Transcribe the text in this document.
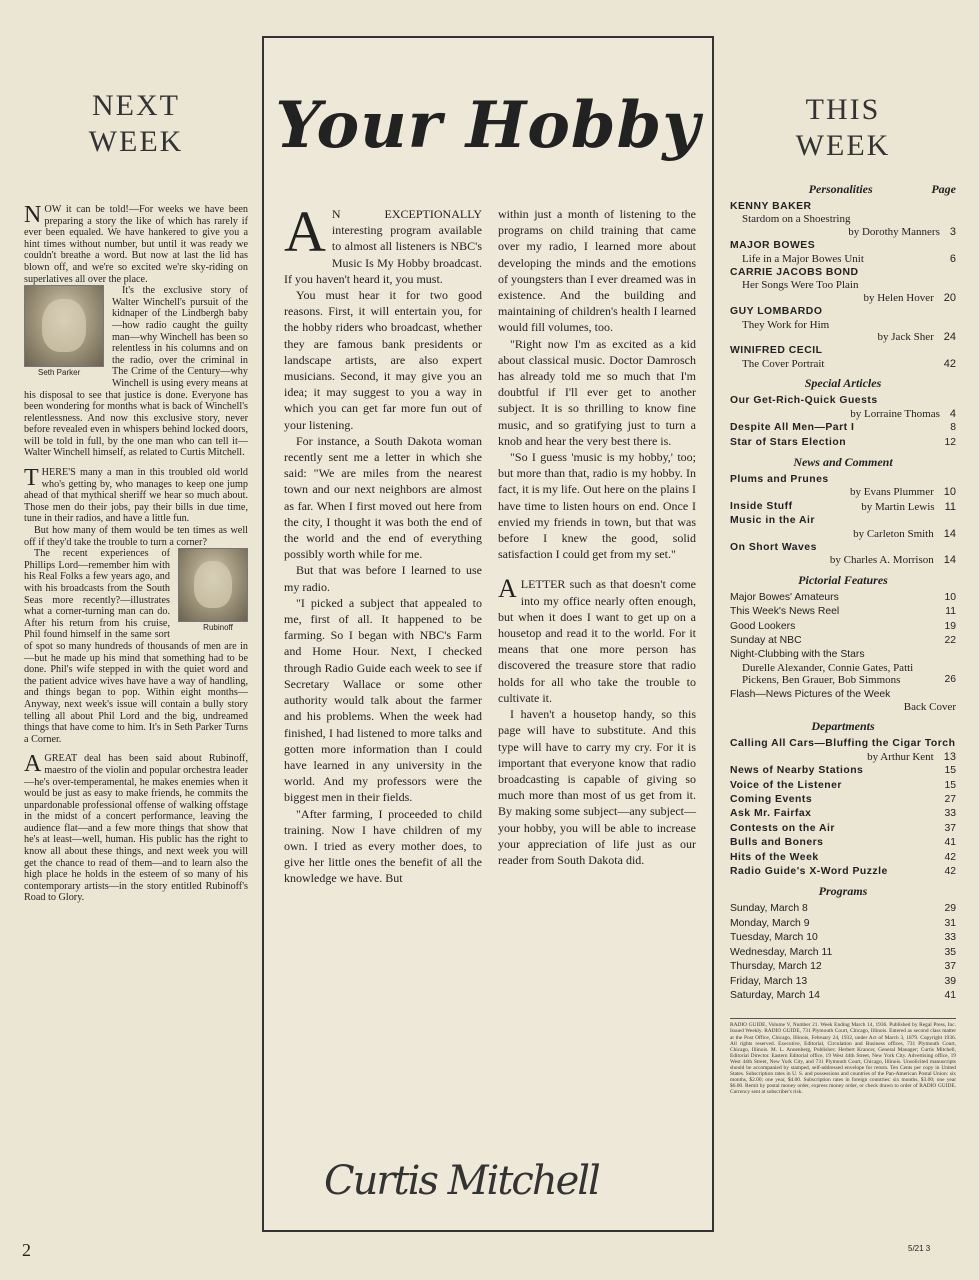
NEXT
WEEK

NOW it can be told!—For weeks we have been preparing a story the like of which has rarely if ever been equaled. We have hankered to give you a hint times without number, but until it was ready we couldn't breathe a word. But now at last the lid has blown off, and we're so excited we're sky-riding on superlatives all over the place.

Seth Parker
It's the exclusive story of Walter Winchell's pursuit of the kidnaper of the Lindbergh baby—how radio caught the guilty man—why Winchell has been so relentless in his columns and on the radio, over the criminal in The Crime of the Century—why Winchell is using every means at his disposal to see that justice is done. Everyone has been wondering for months what is back of Winchell's relentlessness. And now this exclusive story, never before revealed even in whispers behind locked doors, will be told in full, by the one man who can tell it—Walter Winchell himself, as related to Curtis Mitchell.

THERE'S many a man in this troubled old world who's getting by, who manages to keep one jump ahead of that mythical sheriff we hear so much about. Those men do their jobs, pay their bills in due time, tune in their radios, and have a little fun.

But how many of them would be ten times as well off if they'd take the trouble to turn a corner?

Rubinoff
The recent experiences of Phillips Lord—remember him with his Real Folks a few years ago, and with his broadcasts from the South Seas more recently?—illustrates what a corner-turning man can do. After his return from his cruise, Phil found himself in the same sort of spot so many hundreds of thousands of men are in—but he made up his mind that something had to be done. Phil's wife stepped in with the quiet word and the patient advice wives have have a way of handling, and things began to pop. Within eight months—Anyway, next week's issue will contain a bully story telling all about Phil Lord and the big, undreamed things that have come to him. It's in Seth Parker Turns a Corner.

A GREAT deal has been said about Rubinoff, maestro of the violin and popular orchestra leader—he's over-temperamental, he makes enemies when it would be just as easy to make friends, he commits the unpardonable professional offense of walking offstage in the midst of a concert performance, leaving the audience flat—and a few more things that show that he's at least—well, human. His public has the right to know all about these things, and next week you will get the chance to read of them—and to learn also the high place he holds in the esteem of so many of his contemporary artists—in the story entitled Rubinoff's Road to Glory.

Your Hobby

A N EXCEPTIONALLY interesting program available to almost all listeners is NBC's Music Is My Hobby broadcast. If you haven't heard it, you must.

You must hear it for two good reasons. First, it will entertain you, for the hobby riders who broadcast, whether they are famous bank presidents or landscape artists, are also expert musicians. Second, it may give you an idea; it may suggest to you a way in which you can get far more fun out of your listening.

For instance, a South Dakota woman recently sent me a letter in which she said: "We are miles from the nearest town and our next neighbors are almost as far. When I first moved out here from the city, I thought it was both the end of the world and the end of everything possibly worth while for me.

But that was before I learned to use my radio.

"I picked a subject that appealed to me, first of all. It happened to be farming. So I began with NBC's Farm and Home Hour. Next, I checked through Radio Guide each week to see if Secretary Wallace or some other authority would talk about the farmer and his problems. When the week had finished, I had listened to more talks and gotten more information than I could have learned in any university in the world. And my professors were the biggest men in their fields.

"After farming, I proceeded to child training. Now I have children of my own. I tried as every mother does, to give her little ones the benefit of all the knowledge we have. But

within just a month of listening to the programs on child training that came over my radio, I learned more about developing the minds and the emotions of youngsters than I ever dreamed was in existence. And the building and maintaining of children's health I learned would fill volumes, too.

"Right now I'm as excited as a kid about classical music. Doctor Damrosch has already told me so much that I'm doubtful if I'll ever get to another subject. It is so thrilling to know fine music, and so gratifying just to turn a knob and hear the very best there is.

"So I guess 'music is my hobby,' too; but more than that, radio is my hobby. In fact, it is my life. Out here on the plains I have time to listen hours on end. Once I envied my friends in town, but that was before I knew the good, solid satisfaction I could get from my set."

A LETTER such as that doesn't come into my office nearly often enough, but when it does I want to get up on a housetop and read it to the world. For it means that one more person has discovered the treasure store that radio holds for all who take the trouble to cultivate it.

I haven't a housetop handy, so this page will have to substitute. And this type will have to carry my cry. For it is important that everyone know that radio broadcasting is capable of giving so much more than most of us get from it. By making some subject—any subject—your hobby, you will be able to increase your appreciation of life just as our reader from South Dakota did.

Curtis Mitchell
THIS
WEEK
Personalities	Page
KENNY BAKER
Stardom on a Shoestring
by Dorothy Manners 3
MAJOR BOWES
Life in a Major Bowes Unit	6
CARRIE JACOBS BOND
Her Songs Were Too Plain
by Helen Hover 20
GUY LOMBARDO
They Work for Him
by Jack Sher 24
WINIFRED CECIL
The Cover Portrait	42
Special Articles
Our Get-Rich-Quick Guests
by Lorraine Thomas 4
Despite All Men—Part I	8
Star of Stars Election	12
News and Comment
Plums and Prunes
by Evans Plummer 10
Inside Stuff	by Martin Lewis 11
Music in the Air
by Carleton Smith 14
On Short Waves
by Charles A. Morrison 14
Pictorial Features
Major Bowes' Amateurs	10
This Week's News Reel	11
Good Lookers	19
Sunday at NBC	22
Night-Clubbing with the Stars
Durelle Alexander, Connie Gates, Patti Pickens, Ben Grauer, Bob Simmons	26
Flash—News Pictures of the Week
Back Cover
Departments
Calling All Cars—Bluffing the Cigar Torch
by Arthur Kent 13
News of Nearby Stations	15
Voice of the Listener	15
Coming Events	27
Ask Mr. Fairfax	33
Contests on the Air	37
Bulls and Boners	41
Hits of the Week	42
Radio Guide's X-Word Puzzle	42
Programs
Sunday, March 8	29
Monday, March 9	31
Tuesday, March 10	33
Wednesday, March 11	35
Thursday, March 12	37
Friday, March 13	39
Saturday, March 14	41
RADIO GUIDE, Volume V, Number 21. Week Ending March 14, 1936. Published by Regal Press, Inc. Issued Weekly. RADIO GUIDE, 731 Plymouth Court, Chicago, Illinois. Entered as second class matter at the Post Office, Chicago, Illinois, February 24, 1932, under Act of March 3, 1879. Copyright 1936. All rights reserved. Executive, Editorial, Circulation and Business offices, 731 Plymouth Court, Chicago, Illinois. M. L. Annenberg, Publisher; Herbert Krancer, General Manager; Curtis Mitchell, Editorial Director. Eastern Editorial office, 19 West 44th Street, New York City. Advertising office, 19 West 44th Street, New York City, and 731 Plymouth Court, Chicago, Illinois. Unsolicited manuscripts should be accompanied by stamped, self-addressed envelope for return. Ten Cents per copy in United States. Subscription rates in U. S. and possessions and countries of the Pan-American Postal Union: six months, $2.00; one year, $4.00. Subscription rates in foreign countries: six months, $3.00; one year $6.00. Remit by postal money order, express money order, or check drawn to order of RADIO GUIDE. Currency sent at subscriber's risk.
2	5/21 3
